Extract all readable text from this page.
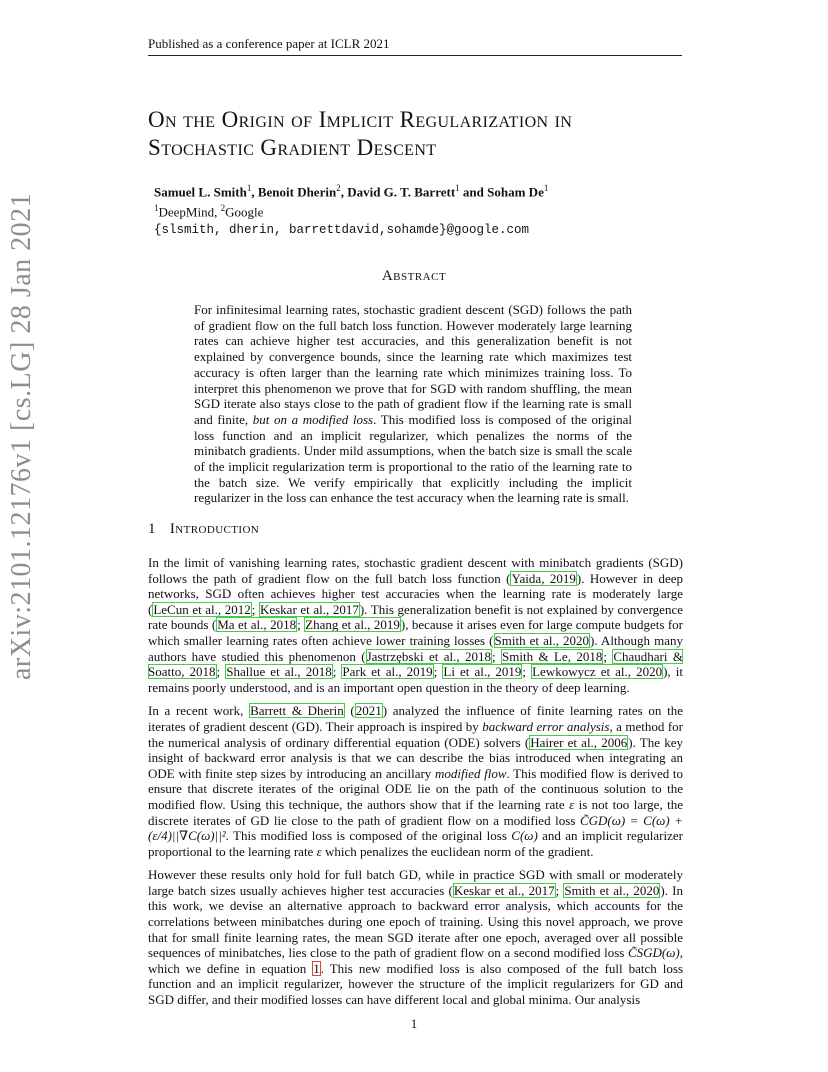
Published as a conference paper at ICLR 2021
arXiv:2101.12176v1 [cs.LG] 28 Jan 2021
On the Origin of Implicit Regularization in
Stochastic Gradient Descent
Samuel L. Smith$^1$, Benoit Dherin$^2$, David G. T. Barrett$^1$ and Soham De$^1$
$^1$DeepMind, $^2$Google
{slsmith, dherin, barrettdavid,sohamde}@google.com
Abstract
For infinitesimal learning rates, stochastic gradient descent (SGD) follows the path of gradient flow on the full batch loss function. However moderately large learning rates can achieve higher test accuracies, and this generalization benefit is not explained by convergence bounds, since the learning rate which maximizes test accuracy is often larger than the learning rate which minimizes training loss. To interpret this phenomenon we prove that for SGD with random shuffling, the mean SGD iterate also stays close to the path of gradient flow if the learning rate is small and finite, but on a modified loss. This modified loss is composed of the original loss function and an implicit regularizer, which penalizes the norms of the minibatch gradients. Under mild assumptions, when the batch size is small the scale of the implicit regularization term is proportional to the ratio of the learning rate to the batch size. We verify empirically that explicitly including the implicit regularizer in the loss can enhance the test accuracy when the learning rate is small.
1 Introduction

In the limit of vanishing learning rates, stochastic gradient descent with minibatch gradients (SGD) follows the path of gradient flow on the full batch loss function (Yaida, 2019). However in deep networks, SGD often achieves higher test accuracies when the learning rate is moderately large (LeCun et al., 2012; Keskar et al., 2017). This generalization benefit is not explained by convergence rate bounds (Ma et al., 2018; Zhang et al., 2019), because it arises even for large compute budgets for which smaller learning rates often achieve lower training losses (Smith et al., 2020). Although many authors have studied this phenomenon (Jastrzębski et al., 2018; Smith & Le, 2018; Chaudhari & Soatto, 2018; Shallue et al., 2018; Park et al., 2019; Li et al., 2019; Lewkowycz et al., 2020), it remains poorly understood, and is an important open question in the theory of deep learning.

In a recent work, Barrett & Dherin (2021) analyzed the influence of finite learning rates on the iterates of gradient descent (GD). Their approach is inspired by backward error analysis, a method for the numerical analysis of ordinary differential equation (ODE) solvers (Hairer et al., 2006). The key insight of backward error analysis is that we can describe the bias introduced when integrating an ODE with finite step sizes by introducing an ancillary modified flow. This modified flow is derived to ensure that discrete iterates of the original ODE lie on the path of the continuous solution to the modified flow. Using this technique, the authors show that if the learning rate ε is not too large, the discrete iterates of GD lie close to the path of gradient flow on a modified loss C̃GD(ω) = C(ω) + (ε/4)||∇C(ω)||². This modified loss is composed of the original loss C(ω) and an implicit regularizer proportional to the learning rate ε which penalizes the euclidean norm of the gradient.

However these results only hold for full batch GD, while in practice SGD with small or moderately large batch sizes usually achieves higher test accuracies (Keskar et al., 2017; Smith et al., 2020). In this work, we devise an alternative approach to backward error analysis, which accounts for the correlations between minibatches during one epoch of training. Using this novel approach, we prove that for small finite learning rates, the mean SGD iterate after one epoch, averaged over all possible sequences of minibatches, lies close to the path of gradient flow on a second modified loss C̃SGD(ω), which we define in equation 1. This new modified loss is also composed of the full batch loss function and an implicit regularizer, however the structure of the implicit regularizers for GD and SGD differ, and their modified losses can have different local and global minima. Our analysis

1
